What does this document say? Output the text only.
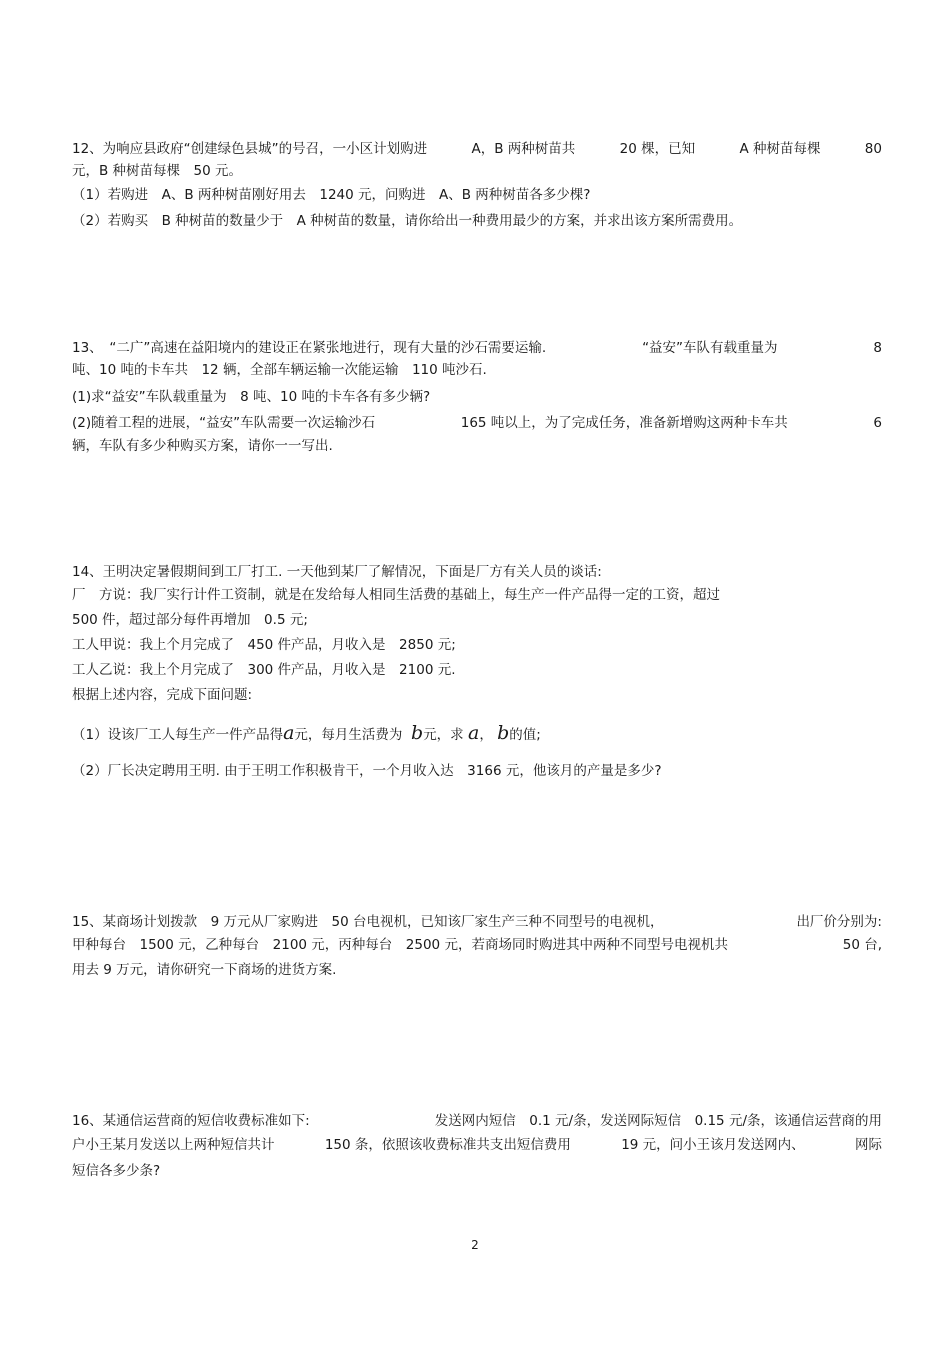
12、为响应县政府“创建绿色县城”的号召，一小区计划购进	A，B 两种树苗共	20 棵，已知	A 种树苗每棵	80
元，B 种树苗每棵　50 元。
（1）若购进　A、B 两种树苗刚好用去　1240 元，问购进　A、B 两种树苗各多少棵?
（2）若购买　B 种树苗的数量少于　A 种树苗的数量，请你给出一种费用最少的方案，并求出该方案所需费用。
13、　“二广”高速在益阳境内的建设正在紧张地进行，现有大量的沙石需要运输.	“益安”车队有载重量为	8
吨、10 吨的卡车共　12 辆，全部车辆运输一次能运输　110 吨沙石.
(1)求“益安”车队载重量为　8 吨、10 吨的卡车各有多少辆?
(2)随着工程的进展，“益安”车队需要一次运输沙石	165 吨以上，为了完成任务，准备新增购这两种卡车共	6
辆，车队有多少种购买方案，请你一一写出.
14、王明决定暑假期间到工厂打工. 一天他到某厂了解情况，下面是厂方有关人员的谈话:
厂　方说：我厂实行计件工资制，就是在发给每人相同生活费的基础上，每生产一件产品得一定的工资，超过
500 件，超过部分每件再增加　0.5 元;
工人甲说：我上个月完成了　450 件产品，月收入是　2850 元;
工人乙说：我上个月完成了　300 件产品，月收入是　2100 元.
根据上述内容，完成下面问题:
（1）设该厂工人每生产一件产品得a元，每月生活费为 b元，求 a， b的值;
（2）厂长决定聘用王明. 由于王明工作积极肯干，一个月收入达　3166 元，他该月的产量是多少?
15、某商场计划拨款　9 万元从厂家购进　50 台电视机，已知该厂家生产三种不同型号的电视机，	出厂价分别为:
甲种每台　1500 元，乙种每台　2100 元，丙种每台　2500 元，若商场同时购进其中两种不同型号电视机共	50 台,
用去 9 万元，请你研究一下商场的进货方案.
16、某通信运营商的短信收费标准如下:	发送网内短信　0.1 元/条，发送网际短信　0.15 元/条，该通信运营商的用
户小王某月发送以上两种短信共计	150 条，依照该收费标准共支出短信费用	19 元，问小王该月发送网内、	网际
短信各多少条?
2
